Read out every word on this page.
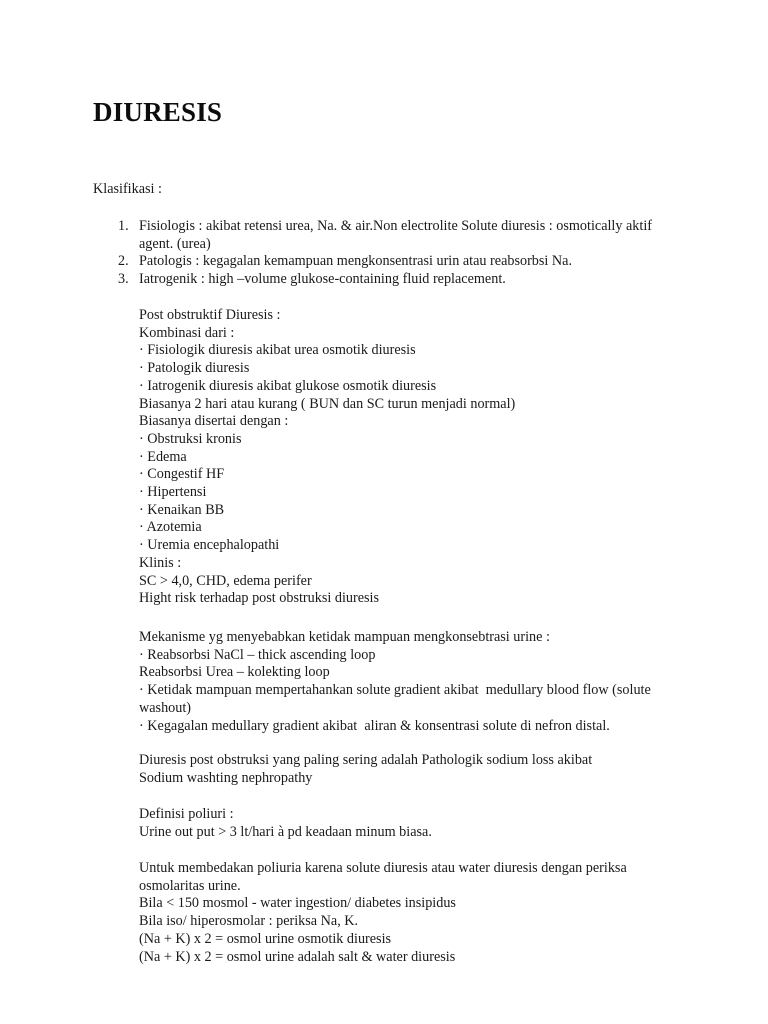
DIURESIS
Klasifikasi :
1. Fisiologis : akibat retensi urea, Na. & air.Non electrolite Solute diuresis : osmotically aktif agent. (urea)
2. Patologis : kegagalan kemampuan mengkonsentrasi urin atau reabsorbsi Na.
3. Iatrogenik : high –volume glukose-containing fluid replacement.
Post obstruktif Diuresis :
Kombinasi dari :
· Fisiologik diuresis akibat urea osmotik diuresis
· Patologik diuresis
· Iatrogenik diuresis akibat glukose osmotik diuresis
Biasanya 2 hari atau kurang ( BUN dan SC turun menjadi normal)
Biasanya disertai dengan :
· Obstruksi kronis
· Edema
· Congestif HF
· Hipertensi
· Kenaikan BB
· Azotemia
· Uremia encephalopathi
Klinis :
SC > 4,0, CHD, edema perifer
Hight risk terhadap post obstruksi diuresis
Mekanisme yg menyebabkan ketidak mampuan mengkonsebtrasi urine :
· Reabsorbsi NaCl – thick ascending loop
Reabsorbsi Urea – kolekting loop
· Ketidak mampuan mempertahankan solute gradient akibat  medullary blood flow (solute washout)
· Kegagalan medullary gradient akibat  aliran & konsentrasi solute di nefron distal.
Diuresis post obstruksi yang paling sering adalah Pathologik sodium loss akibat Sodium washting nephropathy
Definisi poliuri :
Urine out put > 3 lt/hari à pd keadaan minum biasa.
Untuk membedakan poliuria karena solute diuresis atau water diuresis dengan periksa osmolaritas urine.
Bila < 150 mosmol - water ingestion/ diabetes insipidus
Bila iso/ hiperosmolar : periksa Na, K.
(Na + K) x 2 = osmol urine osmotik diuresis
(Na + K) x 2 = osmol urine adalah salt & water diuresis
